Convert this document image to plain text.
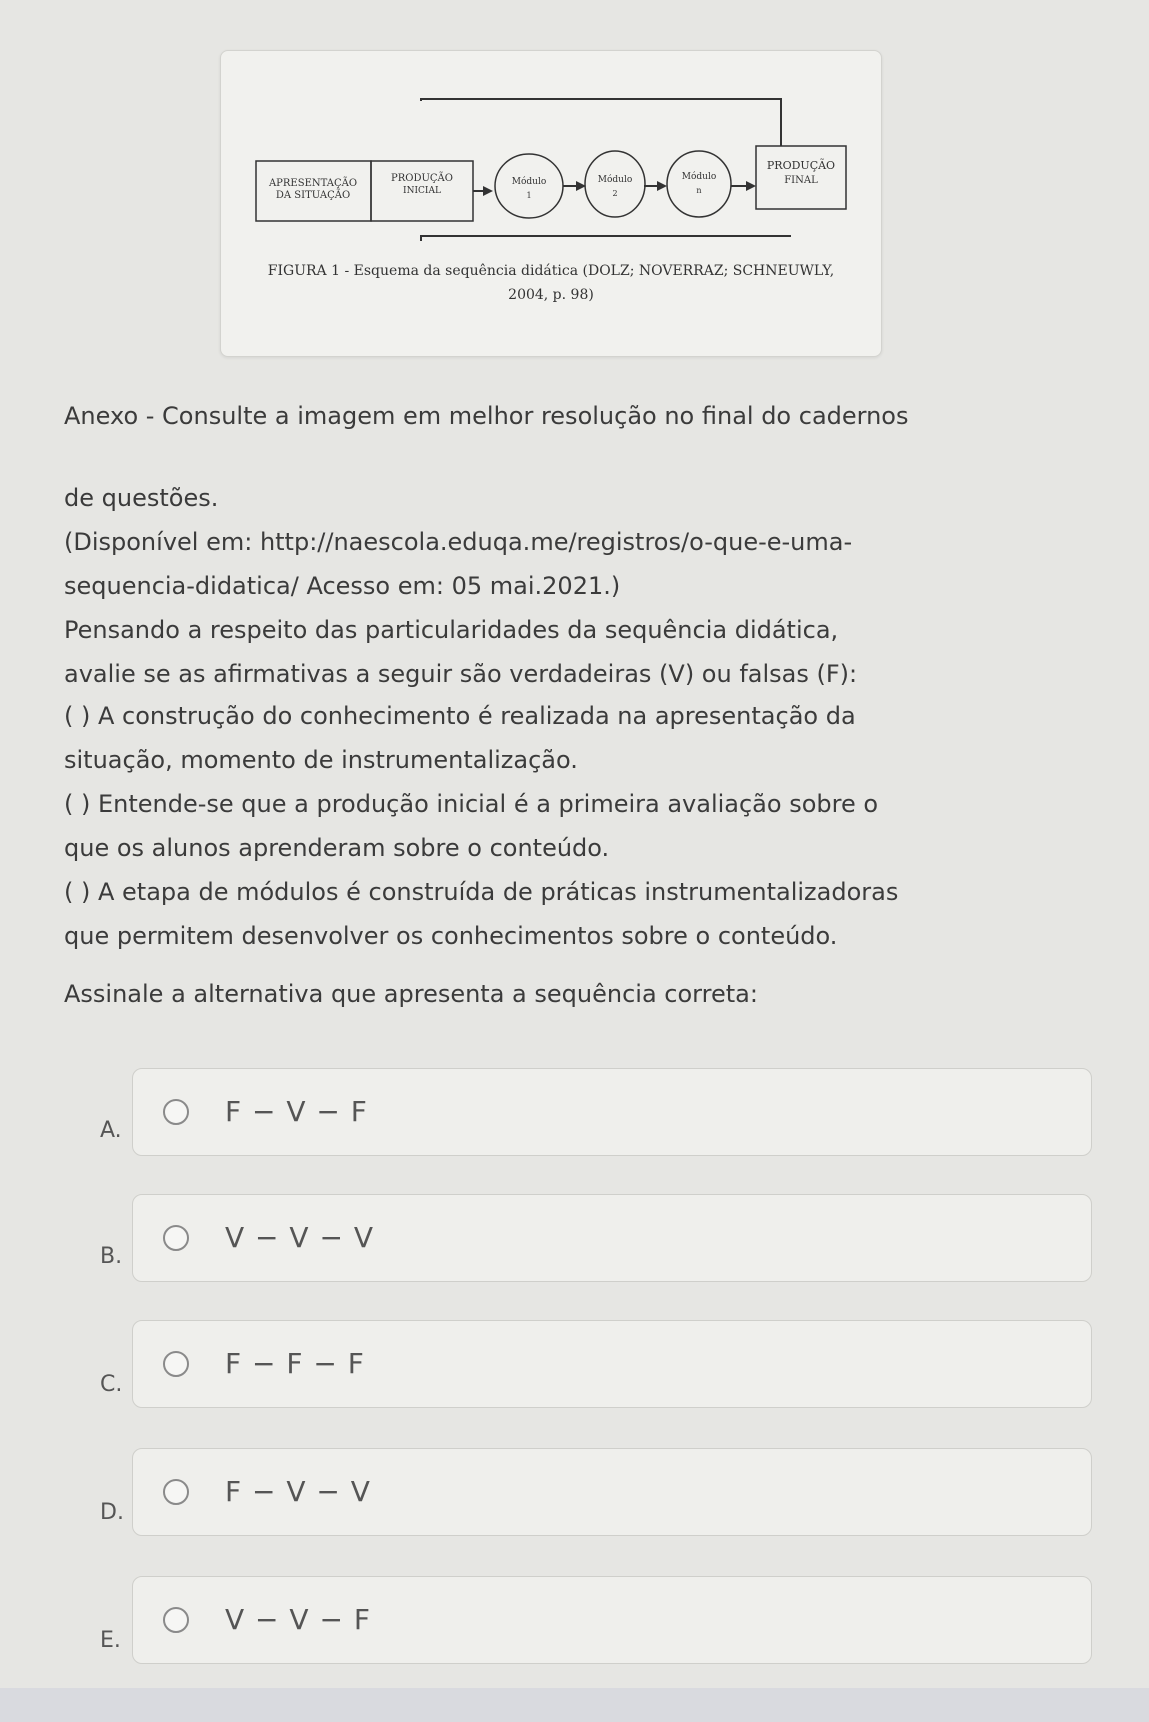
APRESENTAÇÃO
DA SITUAÇÃO
PRODUÇÃO
INICIAL
Módulo
1
Módulo
2
Módulo
n
PRODUÇÃO
FINAL
FIGURA 1 - Esquema da sequência didática (DOLZ; NOVERRAZ; SCHNEUWLY,
2004, p. 98)
Anexo - Consulte a imagem em melhor resolução no final do cadernos
de questões.
(Disponível em: http://naescola.eduqa.me/registros/o-que-e-uma-
sequencia-didatica/ Acesso em: 05 mai.2021.)
Pensando a respeito das particularidades da sequência didática,
avalie se as afirmativas a seguir são verdadeiras (V) ou falsas (F):
( ) A construção do conhecimento é realizada na apresentação da
situação, momento de instrumentalização.
( ) Entende-se que a produção inicial é a primeira avaliação sobre o
que os alunos aprenderam sobre o conteúdo.
( ) A etapa de módulos é construída de práticas instrumentalizadoras
que permitem desenvolver os conhecimentos sobre o conteúdo.
Assinale a alternativa que apresenta a sequência correta:
A.
F − V − F
B.
V − V − V
C.
F − F − F
D.
F − V − V
E.
V − V − F
